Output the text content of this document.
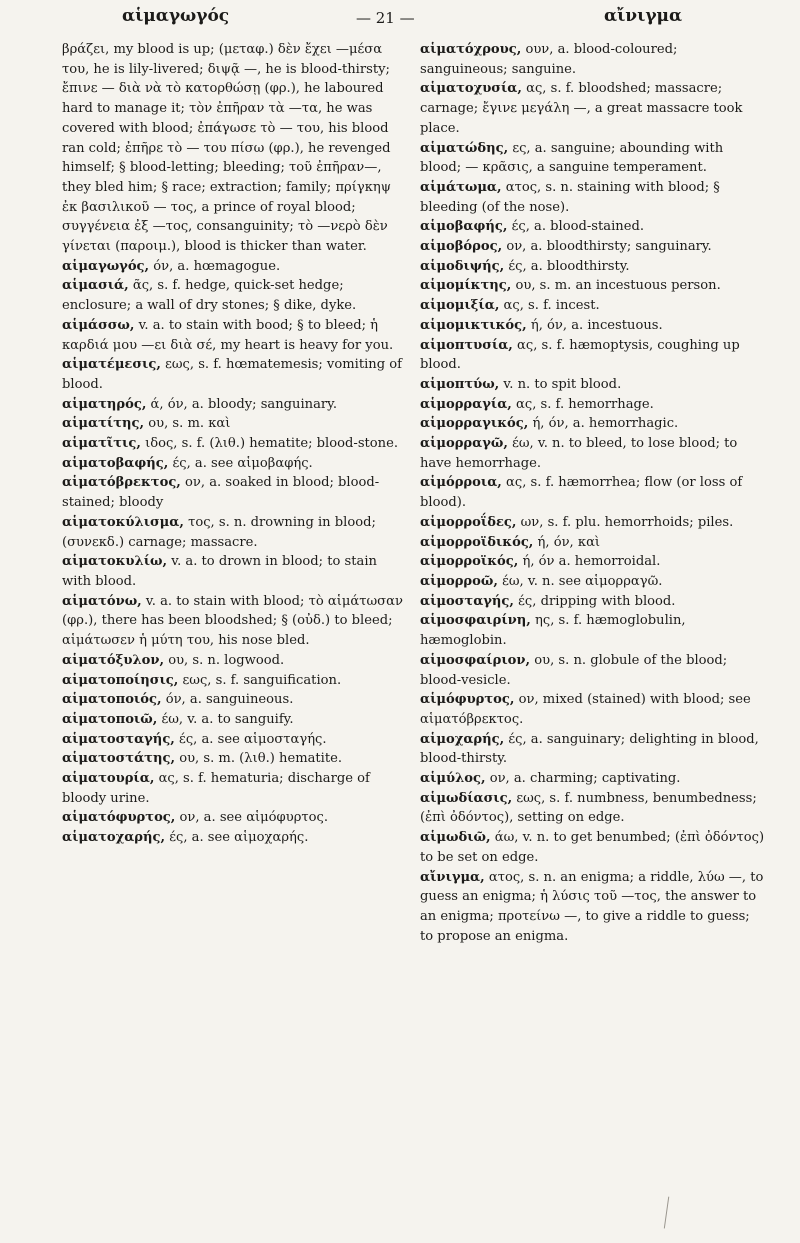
αἱμαγωγός	— 21 —	αἴνιγμα

βράζει, my blood is up; (μεταφ.) δὲν ἔχει —μέσα του, he is lily-livered; διψᾷ —, he is blood-thirsty; ἔπινε — διὰ νὰ τὸ κατορθώσῃ (φρ.), he laboured hard to manage it; τὸν ἐπῆραν τὰ —τα, he was covered with blood; ἐπάγωσε τὸ — του, his blood ran cold; ἐπῆρε τὸ — του πίσω (φρ.), he revenged himself; § blood-letting; bleeding; τοῦ ἐπῆραν—, they bled him; § race; extraction; family; πρίγκηψ ἐκ βασιλικοῦ — τος, a prince of royal blood; συγγένεια ἐξ —τος, consanguinity; τὸ —νερὸ δὲν γίνεται (παροιμ.), blood is thicker than water.

αἱμαγωγός, όν, a. hœmagogue.

αἱμασιά, ᾶς, s. f. hedge, quick-set hedge; enclosure; a wall of dry stones; § dike, dyke.

αἱμάσσω, v. a. to stain with bood; § to bleed; ἡ καρδιά μου —ει διὰ σέ, my heart is heavy for you.

αἱματέμεσις, εως, s. f. hœmatemesis; vomiting of blood.

αἱματηρός, ά, όν, a. bloody; sanguinary.

αἱματίτης, ου, s. m. καὶ

αἱματῖτις, ιδος, s. f. (λιθ.) hematite; blood-stone.

αἱματοβαφής, ές, a. see αἱμοβαφής.

αἱματόβρεκτος, ον, a. soaked in blood; blood-stained; bloody

αἱματοκύλισμα, τος, s. n. drowning in blood; (συνεκδ.) carnage; massacre.

αἱματοκυλίω, v. a. to drown in blood; to stain with blood.

αἱματόνω, v. a. to stain with blood; τὸ αἱμάτωσαν (φρ.), there has been bloodshed; § (οὐδ.) to bleed; αἱμάτωσεν ἡ μύτη του, his nose bled.

αἱματόξυλον, ου, s. n. logwood.

αἱματοποίησις, εως, s. f. sanguification.

αἱματοποιός, όν, a. sanguineous.

αἱματοποιῶ, έω, v. a. to sanguify.

αἱματοσταγής, ές, a. see αἱμοσταγής.

αἱματοστάτης, ου, s. m. (λιθ.) hematite.

αἱματουρία, ας, s. f. hematuria; discharge of bloody urine.

αἱματόφυρτος, ον, a. see αἱμόφυρτος.

αἱματοχαρής, ές, a. see αἱμοχαρής.

αἱματόχρους, ουν, a. blood-coloured; sanguineous; sanguine.

αἱματοχυσία, ας, s. f. bloodshed; massacre; carnage; ἔγινε μεγάλη —, a great massacre took place.

αἱματώδης, ες, a. sanguine; abounding with blood; — κρᾶσις, a sanguine temperament.

αἱμάτωμα, ατος, s. n. staining with blood; § bleeding (of the nose).

αἱμοβαφής, ές, a. blood-stained.

αἱμοβόρος, ον, a. bloodthirsty; sanguinary.

αἱμοδιψής, ές, a. bloodthirsty.

αἱμομίκτης, ου, s. m. an incestuous person.

αἱμομιξία, ας, s. f. incest.

αἱμομικτικός, ή, όν, a. incestuous.

αἱμοπτυσία, ας, s. f. hæmoptysis, coughing up blood.

αἱμοπτύω, v. n. to spit blood.

αἱμορραγία, ας, s. f. hemorrhage.

αἱμορραγικός, ή, όν, a. hemorrhagic.

αἱμορραγῶ, έω, v. n. to bleed, to lose blood; to have hemorrhage.

αἱμόρροια, ας, s. f. hæmorrhea; flow (or loss of blood).

αἱμορροΐδες, ων, s. f. plu. hemorrhoids; piles.

αἱμορροϊδικός, ή, όν, καὶ

αἱμορροϊκός, ή, όν a. hemorroidal.

αἱμορροῶ, έω, v. n. see αἱμορραγῶ.

αἱμοσταγής, ές, dripping with blood.

αἱμοσφαιρίνη, ης, s. f. hæmoglobulin, hæmoglobin.

αἱμοσφαίριον, ου, s. n. globule of the blood; blood-vesicle.

αἱμόφυρτος, ον, mixed (stained) with blood; see αἱματόβρεκτος.

αἱμοχαρής, ές, a. sanguinary; delighting in blood, blood-thirsty.

αἱμύλος, ον, a. charming; captivating.

αἱμωδίασις, εως, s. f. numbness, benumbedness; (ἐπὶ ὀδόντος), setting on edge.

αἱμωδιῶ, άω, v. n. to get benumbed; (ἐπὶ ὀδόντος) to be set on edge.

αἴνιγμα, ατος, s. n. an enigma; a riddle, λύω —, to guess an enigma; ἡ λύσις τοῦ —τος, the answer to an enigma; προτείνω —, to give a riddle to guess; to propose an enigma.
